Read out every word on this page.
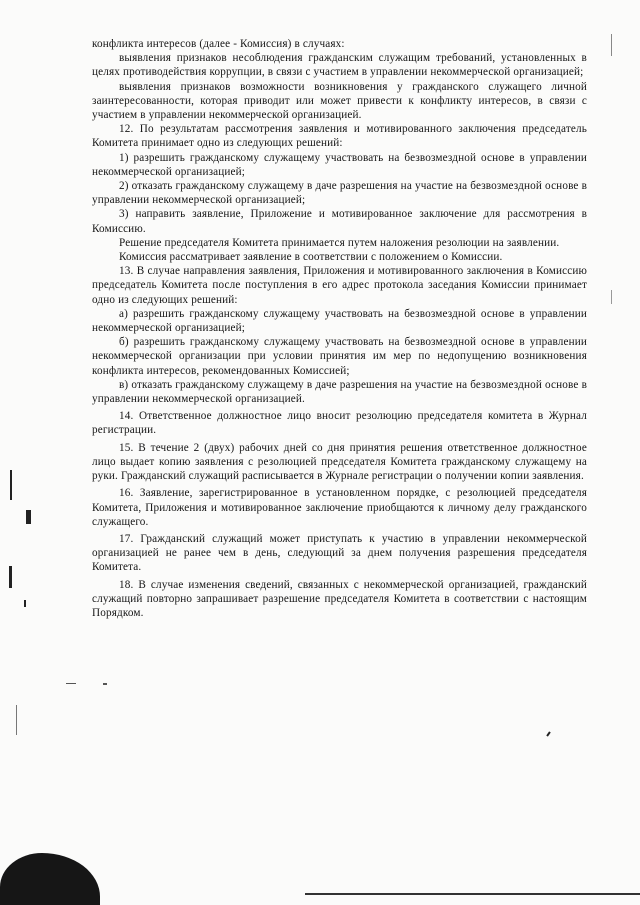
конфликта интересов (далее - Комиссия) в случаях:

выявления признаков несоблюдения гражданским служащим требований, установленных в целях противодействия коррупции, в связи с участием в управлении некоммерческой организацией;

выявления признаков возможности возникновения у гражданского служащего личной заинтересованности, которая приводит или может привести к конфликту интересов, в связи с участием в управлении некоммерческой организацией.

12. По результатам рассмотрения заявления и мотивированного заключения председатель Комитета принимает одно из следующих решений:

1) разрешить гражданскому служащему участвовать на безвозмездной основе в управлении некоммерческой организацией;

2) отказать гражданскому служащему в даче разрешения на участие на безвозмездной основе в управлении некоммерческой организацией;

3) направить заявление, Приложение и мотивированное заключение для рассмотрения в Комиссию.

Решение председателя Комитета принимается путем наложения резолюции на заявлении.

Комиссия рассматривает заявление в соответствии с положением о Комиссии.

13. В случае направления заявления, Приложения и мотивированного заключения в Комиссию председатель Комитета после поступления в его адрес протокола заседания Комиссии принимает одно из следующих решений:

а) разрешить гражданскому служащему участвовать на безвозмездной основе в управлении некоммерческой организацией;

б) разрешить гражданскому служащему участвовать на безвозмездной основе в управлении некоммерческой организации при условии принятия им мер по недопущению возникновения конфликта интересов, рекомендованных Комиссией;

в) отказать гражданскому служащему в даче разрешения на участие на безвозмездной основе в управлении некоммерческой организацией.

14. Ответственное должностное лицо вносит резолюцию председателя комитета в Журнал регистрации.

15. В течение 2 (двух) рабочих дней со дня принятия решения ответственное должностное лицо выдает копию заявления с резолюцией председателя Комитета гражданскому служащему на руки. Гражданский служащий расписывается в Журнале регистрации о получении копии заявления.

16. Заявление, зарегистрированное в установленном порядке, с резолюцией председателя Комитета, Приложения и мотивированное заключение приобщаются к личному делу гражданского служащего.

17. Гражданский служащий может приступать к участию в управлении некоммерческой организацией не ранее чем в день, следующий за днем получения разрешения председателя Комитета.

18. В случае изменения сведений, связанных с некоммерческой организацией, гражданский служащий повторно запрашивает разрешение председателя Комитета в соответствии с настоящим Порядком.
